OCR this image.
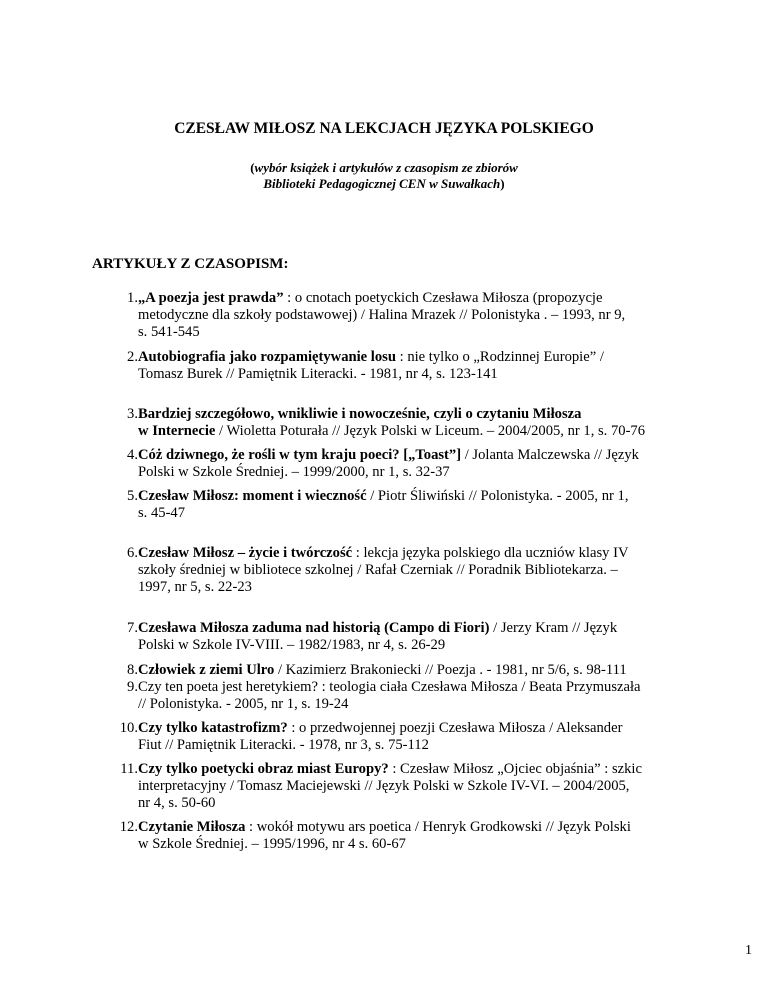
CZESŁAW MIŁOSZ NA LEKCJACH JĘZYKA POLSKIEGO
(wybór książek i artykułów z czasopism ze zbiorów
Biblioteki Pedagogicznej CEN w Suwałkach)
ARTYKUŁY Z CZASOPISM:
1. „A poezja jest prawda” : o cnotach poetyckich Czesława Miłosza (propozycje
metodyczne dla szkoły podstawowej) / Halina Mrazek // Polonistyka . – 1993, nr 9,
s. 541-545
2. Autobiografia jako rozpamiętywanie losu : nie tylko o „Rodzinnej Europie” /
Tomasz Burek // Pamiętnik Literacki. - 1981, nr 4, s. 123-141
3. Bardziej szczegółowo, wnikliwie i nowocześnie, czyli o czytaniu Miłosza
w Internecie / Wioletta Poturała // Język Polski w Liceum. – 2004/2005, nr 1, s. 70-76
4. Cóż dziwnego, że rośli w tym kraju poeci? [„Toast”] / Jolanta Malczewska // Język
Polski w Szkole Średniej. – 1999/2000, nr 1, s. 32-37
5. Czesław Miłosz: moment i wieczność / Piotr Śliwiński // Polonistyka. - 2005, nr 1,
s. 45-47
6. Czesław Miłosz – życie i twórczość : lekcja języka polskiego dla uczniów klasy IV
szkoły średniej w bibliotece szkolnej / Rafał Czerniak // Poradnik Bibliotekarza. –
1997, nr 5, s. 22-23
7. Czesława Miłosza zaduma nad historią (Campo di Fiori) / Jerzy Kram // Język
Polski w Szkole IV-VIII. – 1982/1983, nr 4, s. 26-29
8. Człowiek z ziemi Ulro / Kazimierz Brakoniecki // Poezja . - 1981, nr 5/6, s. 98-111
9. Czy ten poeta jest heretykiem? : teologia ciała Czesława Miłosza / Beata Przymuszała
// Polonistyka. - 2005, nr 1, s. 19-24
10. Czy tylko katastrofizm? : o przedwojennej poezji Czesława Miłosza / Aleksander
Fiut // Pamiętnik Literacki. - 1978, nr 3, s. 75-112
11. Czy tylko poetycki obraz miast Europy? : Czesław Miłosz „Ojciec objaśnia” : szkic
interpretacyjny / Tomasz Maciejewski // Język Polski w Szkole IV-VI. – 2004/2005,
nr 4, s. 50-60
12. Czytanie Miłosza : wokół motywu ars poetica / Henryk Grodkowski // Język Polski
w Szkole Średniej. – 1995/1996, nr 4 s. 60-67
1
